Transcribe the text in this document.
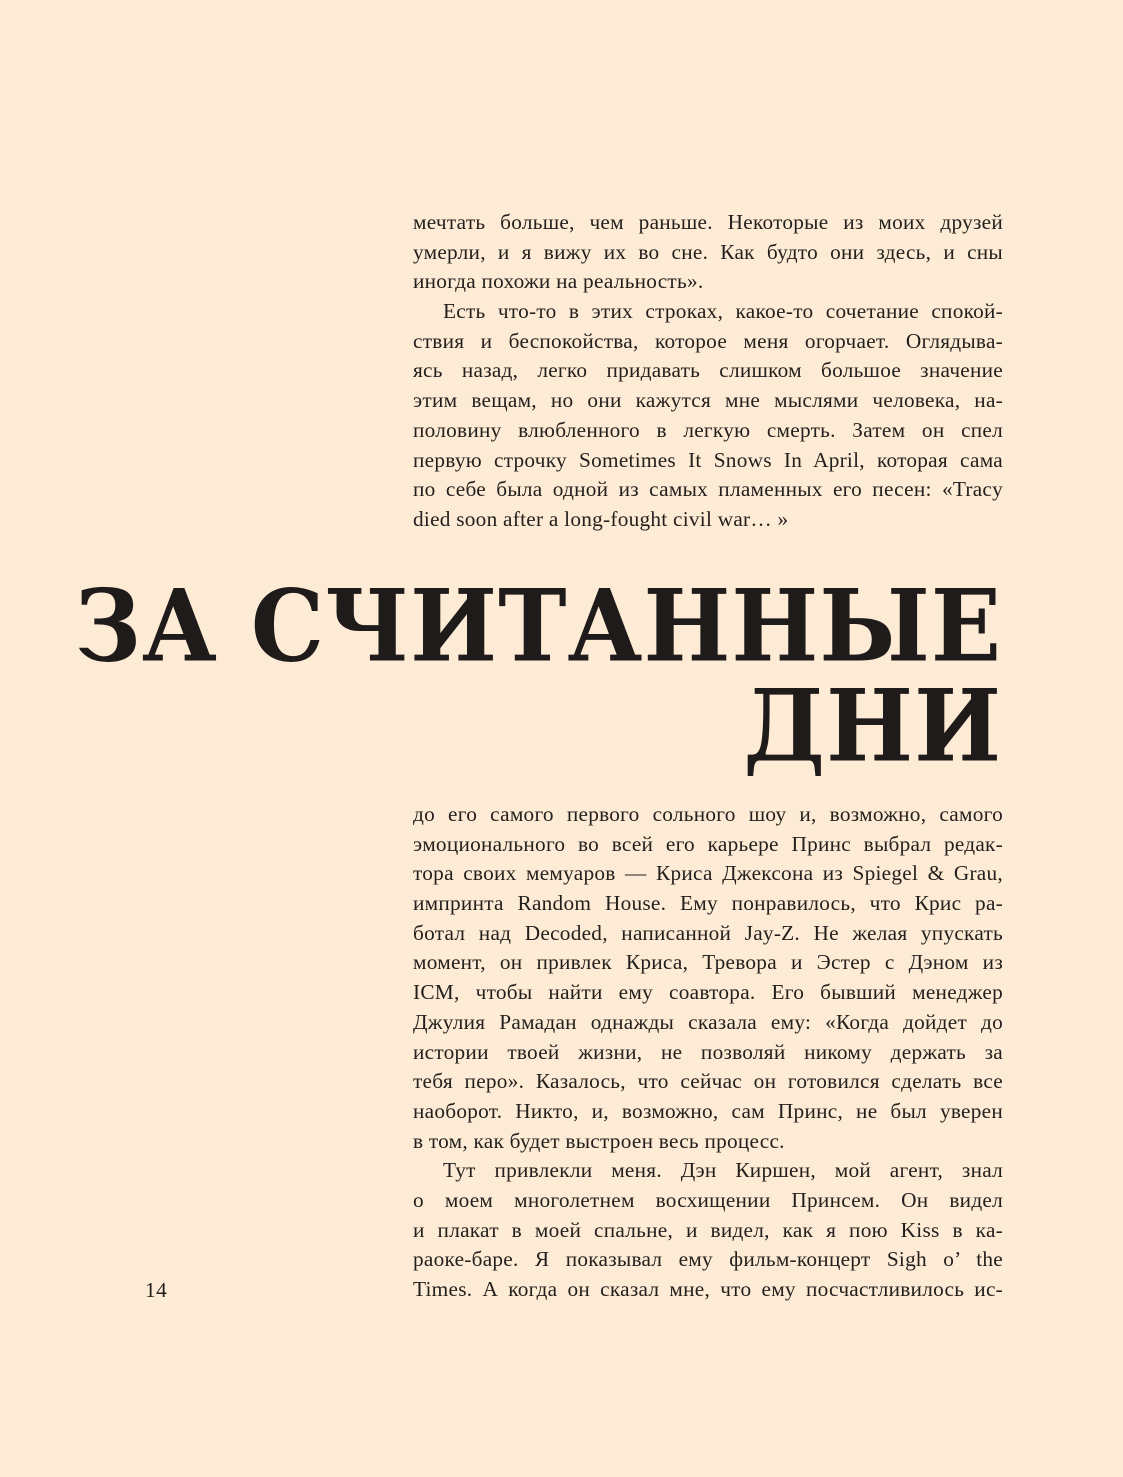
мечтать больше, чем раньше. Некоторые из моих друзей
умерли, и я вижу их во сне. Как будто они здесь, и сны
иногда похожи на реальность».
Есть что-то в этих строках, какое-то сочетание спокой-
ствия и беспокойства, которое меня огорчает. Оглядыва-
ясь назад, легко придавать слишком большое значение
этим вещам, но они кажутся мне мыслями человека, на-
половину влюбленного в легкую смерть. Затем он спел
первую строчку Sometimes It Snows In April, которая сама
по себе была одной из самых пламенных его песен: «Tracy
died soon after a long-fought civil war… »
ЗА СЧИТАННЫЕ
ДНИ
до его самого первого сольного шоу и, возможно, самого
эмоционального во всей его карьере Принс выбрал редак-
тора своих мемуаров — Криса Джексона из Spiegel & Grau,
импринта Random House. Ему понравилось, что Крис ра-
ботал над Decoded, написанной Jay-Z. Не желая упускать
момент, он привлек Криса, Тревора и Эстер с Дэном из
ICM, чтобы найти ему соавтора. Его бывший менеджер
Джулия Рамадан однажды сказала ему: «Когда дойдет до
истории твоей жизни, не позволяй никому держать за
тебя перо». Казалось, что сейчас он готовился сделать все
наоборот. Никто, и, возможно, сам Принс, не был уверен
в том, как будет выстроен весь процесс.
Тут привлекли меня. Дэн Киршен, мой агент, знал
о моем многолетнем восхищении Принсем. Он видел
и плакат в моей спальне, и видел, как я пою Kiss в ка-
раоке-баре. Я показывал ему фильм-концерт Sigh o’ the
Times. А когда он сказал мне, что ему посчастливилось ис-
14
